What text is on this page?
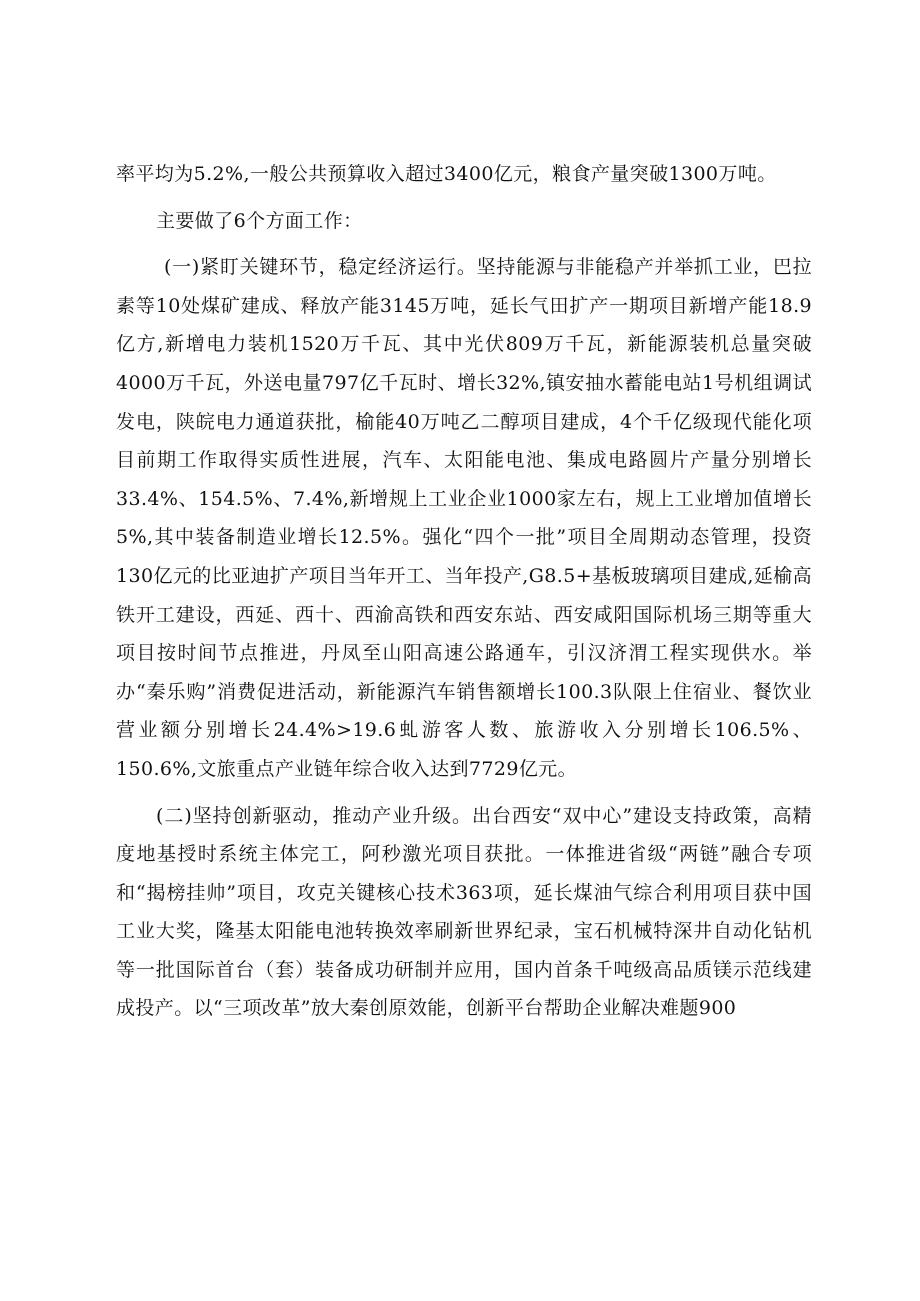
率平均为5.2%,一般公共预算收入超过3400亿元，粮食产量突破1300万吨。

主要做了6个方面工作：

(一)紧盯关键环节，稳定经济运行。坚持能源与非能稳产并举抓工业，巴拉素等10处煤矿建成、释放产能3145万吨，延长气田扩产一期项目新增产能18.9亿方,新增电力装机1520万千瓦、其中光伏809万千瓦，新能源装机总量突破4000万千瓦，外送电量797亿千瓦时、增长32%,镇安抽水蓄能电站1号机组调试发电，陕皖电力通道获批，榆能40万吨乙二醇项目建成，4个千亿级现代能化项目前期工作取得实质性进展，汽车、太阳能电池、集成电路圆片产量分别增长33.4%、154.5%、7.4%,新增规上工业企业1000家左右，规上工业增加值增长5%,其中装备制造业增长12.5%。强化“四个一批”项目全周期动态管理，投资130亿元的比亚迪扩产项目当年开工、当年投产,G8.5+基板玻璃项目建成,延榆高铁开工建设，西延、西十、西渝高铁和西安东站、西安咸阳国际机场三期等重大项目按时间节点推进，丹凤至山阳高速公路通车，引汉济渭工程实现供水。举办“秦乐购”消费促进活动，新能源汽车销售额增长100.3队限上住宿业、餐饮业营业额分别增长24.4%>19.6虬游客人数、旅游收入分别增长106.5%、150.6%,文旅重点产业链年综合收入达到7729亿元。

(二)坚持创新驱动，推动产业升级。出台西安“双中心”建设支持政策，高精度地基授时系统主体完工，阿秒激光项目获批。一体推进省级“两链”融合专项和“揭榜挂帅”项目，攻克关键核心技术363项，延长煤油气综合利用项目获中国工业大奖，隆基太阳能电池转换效率刷新世界纪录，宝石机械特深井自动化钻机等一批国际首台（套）装备成功研制并应用，国内首条千吨级高品质镁示范线建成投产。以“三项改革”放大秦创原效能，创新平台帮助企业解决难题900
